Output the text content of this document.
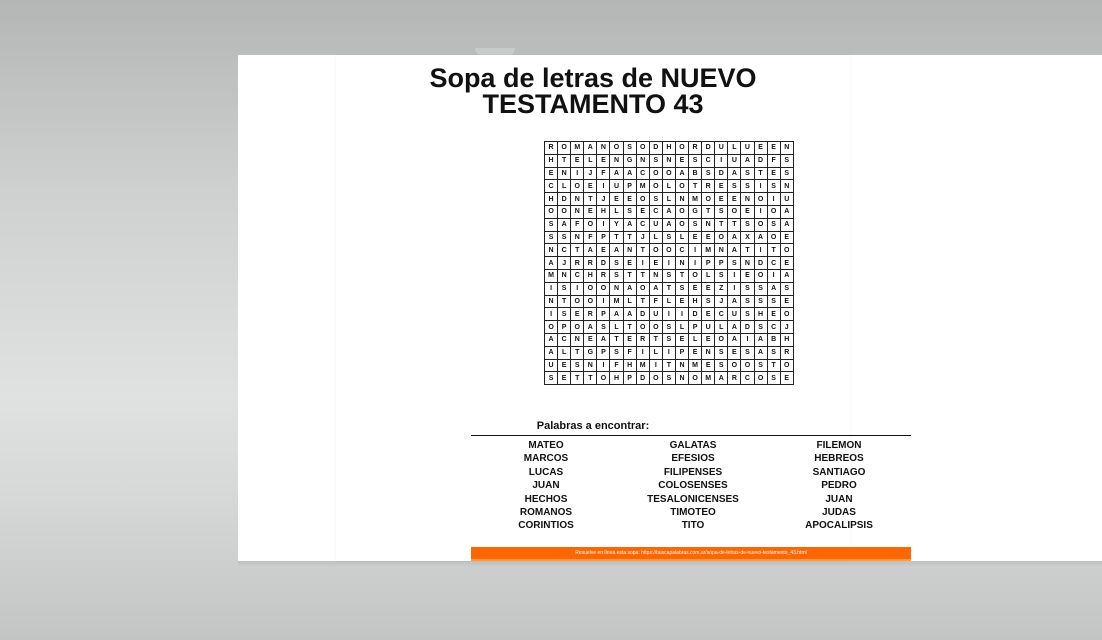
Sopa de letras de NUEVO
TESTAMENTO 43
R	O	M	A	N	O	S	O	D	H	O	R	D	U	L	U	E	E	N
H	T	E	L	E	N	G	N	S	N	E	S	C	I	U	A	D	F	S
E	N	I	J	F	A	A	C	O	O	A	B	S	D	A	S	T	E	S
C	L	O	E	I	U	P	M	O	L	O	T	R	E	S	S	I	S	N
H	D	N	T	J	E	E	O	S	L	N	M	O	E	E	N	O	I	U
O	O	N	E	H	L	S	E	C	A	O	G	T	S	O	E	I	O	A
S	A	F	O	I	Y	A	C	U	A	O	S	N	T	T	S	O	S	A
S	S	N	F	P	T	T	J	L	S	L	E	E	O	A	X	A	O	E
N	C	T	A	E	A	N	T	O	O	C	I	M	N	A	T	I	T	O
A	J	R	R	D	S	E	I	E	I	N	I	P	P	S	N	D	C	E
M	N	C	H	R	S	T	T	N	S	T	O	L	S	I	E	O	I	A
I	S	I	O	O	N	A	O	A	T	S	E	E	Z	I	S	S	A	S
N	T	O	O	I	M	L	T	F	L	E	H	S	J	A	S	S	S	E
I	S	E	R	P	A	A	D	U	I	I	D	E	C	U	S	H	E	O
O	P	O	A	S	L	T	O	O	S	L	P	U	L	A	D	S	C	J
A	C	N	E	A	T	E	R	T	S	E	L	E	O	A	I	A	B	H
A	L	T	G	P	S	F	I	L	I	P	E	N	S	E	S	A	S	R
U	E	S	N	I	F	H	M	I	T	N	M	E	S	O	O	S	T	O
S	E	T	T	O	H	P	D	O	S	N	O	M	A	R	C	O	S	E
Palabras a encontrar:
MATEO
MARCOS
LUCAS
JUAN
HECHOS
ROMANOS
CORINTIOS
GALATAS
EFESIOS
FILIPENSES
COLOSENSES
TESALONICENSES
TIMOTEO
TITO
FILEMON
HEBREOS
SANTIAGO
PEDRO
JUAN
JUDAS
APOCALIPSIS
Resuelve en línea esta sopa: https://buscapalabras.com.ar/sopa-de-letras-de-nuevo-testamento_43.html
